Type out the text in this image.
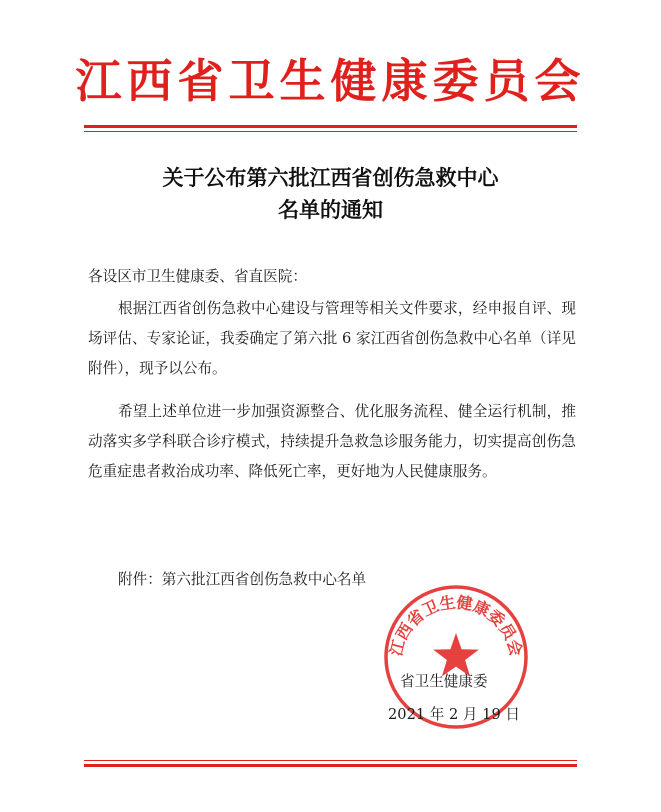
江西省卫生健康委员会
关于公布第六批江西省创伤急救中心
名单的通知
各设区市卫生健康委、省直医院：
根据江西省创伤急救中心建设与管理等相关文件要求，经申报自评、现场评估、专家论证，我委确定了第六批 6 家江西省创伤急救中心名单（详见附件），现予以公布。
希望上述单位进一步加强资源整合、优化服务流程、健全运行机制，推动落实多学科联合诊疗模式，持续提升急救急诊服务能力，切实提高创伤急危重症患者救治成功率、降低死亡率，更好地为人民健康服务。
附件：第六批江西省创伤急救中心名单
江西省卫生健康委员会
省卫生健康委
2021 年 2 月 19 日
